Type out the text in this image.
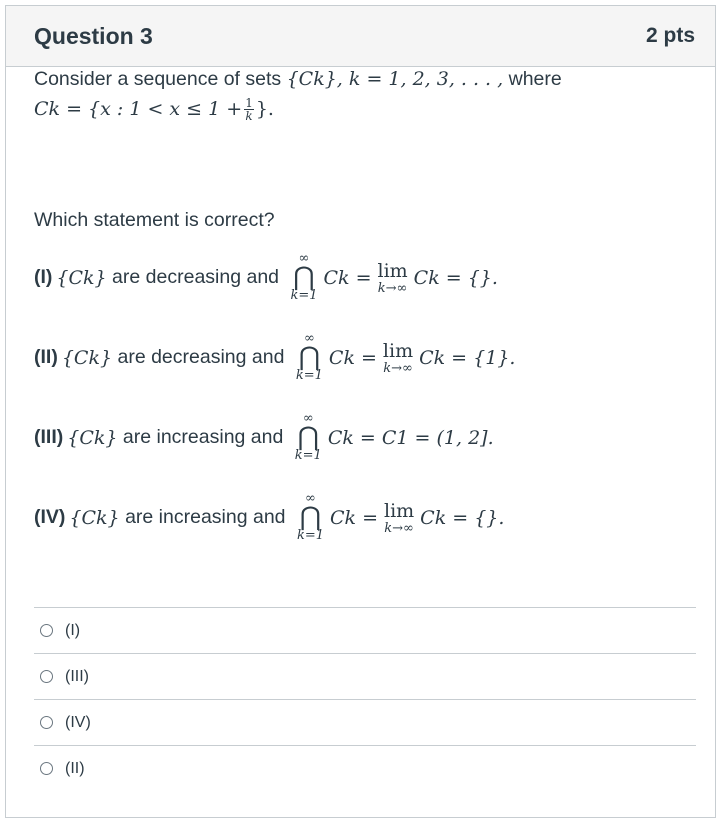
Question 3	2 pts
Consider a sequence of sets {Ck}, k = 1, 2, 3, . . . , where
Ck = {x : $1 < x \le 1 + \frac{1}{k}$ }.
Which statement is correct?
(I) {Ck} are decreasing and
∞
⋂
k=1
Ck = lim
k→∞ Ck = {}.
(II) {Ck} are decreasing and
∞
⋂
k=1
Ck = lim
k→∞ Ck = {1}.
(III) {Ck} are increasing and
∞
⋂
k=1
Ck = C1 = (1, 2].
(IV) {Ck} are increasing and
∞
⋂
k=1
Ck = lim
k→∞ Ck = {}.
(I)
(III)
(IV)
(II)
